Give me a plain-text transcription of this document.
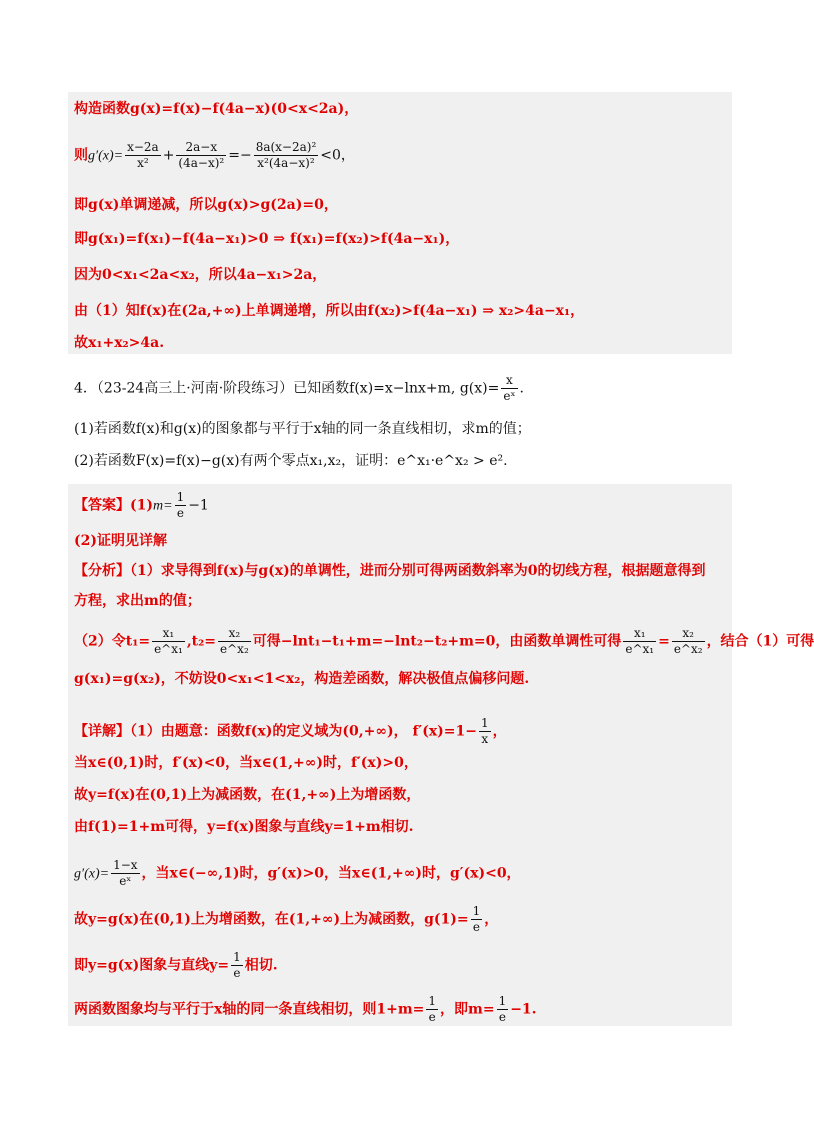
构造函数g(x)=f(x)−f(4a−x)(0<x<2a)，
则$g'(x)= \frac{x-2a}{\text{x²}} + \frac{2a-x}{\text{(4a−x)²}} =- \frac{\text{8a(x−2a)²}}{\text{x²(4a−x)²}} <0$，
即g(x)单调递减，所以g(x)>g(2a)=0，
即g(x₁)=f(x₁)−f(4a−x₁)>0 ⇒ f(x₁)=f(x₂)>f(4a−x₁)，
因为0<x₁<2a<x₂，所以4a−x₁>2a，
由（1）知f(x)在(2a,+∞)上单调递增，所以由f(x₂)>f(4a−x₁) ⇒ x₂>4a−x₁，
故x₁+x₂>4a.
4．（23-24高三上·河南·阶段练习）已知函数f(x)=x−lnx+m, $g(x)= \frac{x}{\text{eˣ}}$ .
(1)若函数f(x)和g(x)的图象都与平行于x轴的同一条直线相切，求m的值；
(2)若函数F(x)=f(x)−g(x)有两个零点x₁,x₂，证明：e^x₁·e^x₂ > e².
【答案】$(1)m= \frac{1}{e} -1$
(2)证明见详解
【分析】（1）求导得到f(x)与g(x)的单调性，进而分别可得两函数斜率为0的切线方程，根据题意得到
方程，求出m的值；
（2）令$t_1= \frac{\text{x₁}}{\text{e\textasciicircum{}x₁}} ,t_2= \frac{\text{x₂}}{\text{e\textasciicircum{}x₂}}$ 可得−lnt₁−t₁+m=−lnt₂−t₂+m=0，由函数单调性可得 $\frac{\text{x₁}}{\text{e\textasciicircum{}x₁}} = \frac{\text{x₂}}{\text{e\textasciicircum{}x₂}}$ ，结合（1）可得
g(x₁)=g(x₂)，不妨设0<x₁<1<x₂，构造差函数，解决极值点偏移问题.
【详解】（1）由题意：函数f(x)的定义域为(0,+∞)， $f'(x)=1- \frac{1}{x}$ ，
当x∈(0,1)时，f′(x)<0，当x∈(1,+∞)时，f′(x)>0，
故y=f(x)在(0,1)上为减函数，在(1,+∞)上为增函数，
由f(1)=1+m可得，y=f(x)图象与直线y=1+m相切.
$g'(x)= \frac{1-x}{\text{eˣ}}$ ，当x∈(−∞,1)时，g′(x)>0，当x∈(1,+∞)时，g′(x)<0，
故y=g(x)在(0,1)上为增函数，在(1,+∞)上为减函数，$g(1)= \frac{1}{e}$ ，
即y=g(x)图象与直线$y= \frac{1}{e}$ 相切.
两函数图象均与平行于x轴的同一条直线相切，则$1+m= \frac{1}{e}$ ，即$m= \frac{1}{e} -1$.
